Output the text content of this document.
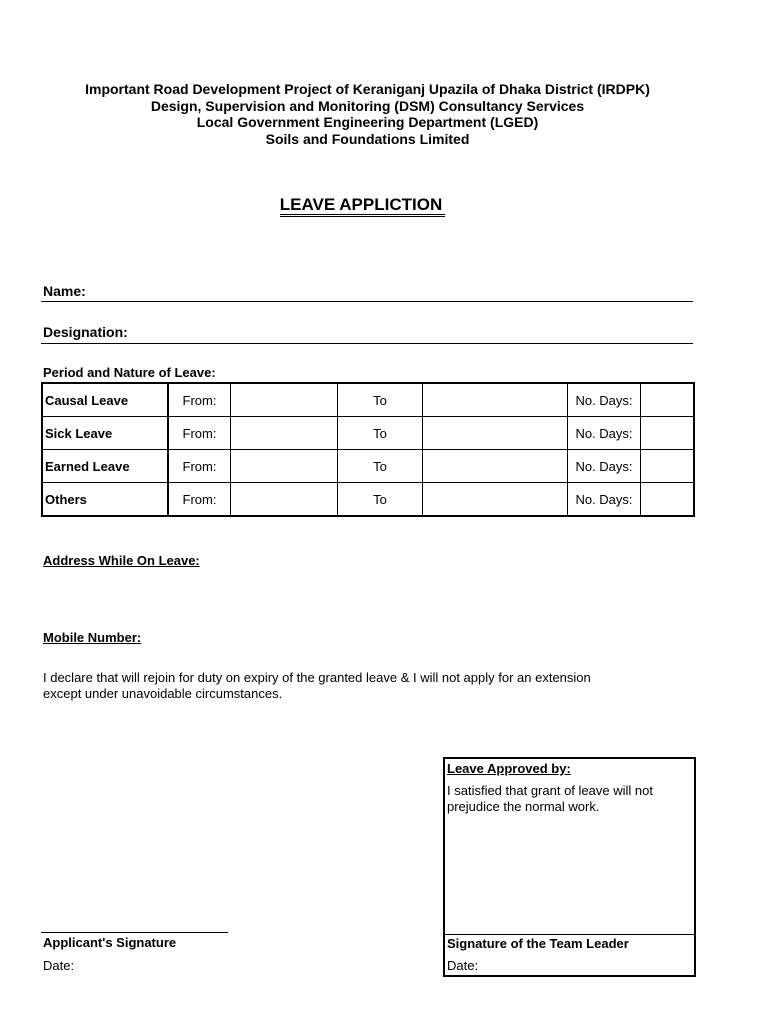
Important Road Development Project of Keraniganj Upazila of Dhaka District (IRDPK)
Design, Supervision and Monitoring (DSM) Consultancy Services
Local Government Engineering Department (LGED)
Soils and Foundations Limited
LEAVE APPLICTION
Name:
Designation:
Period and Nature of Leave:
Causal Leave	From:		To		No. Days:	
Sick Leave	From:		To		No. Days:	
Earned Leave	From:		To		No. Days:	
Others	From:		To		No. Days:	
Address While On Leave:
Mobile Number:
I declare that will rejoin for duty on expiry of the granted leave & I will not apply for an extension
except under unavoidable circumstances.
Applicant's Signature
Date:
Leave Approved by:
I satisfied that grant of leave will not
prejudice the normal work.
Signature of the Team Leader
Date:
